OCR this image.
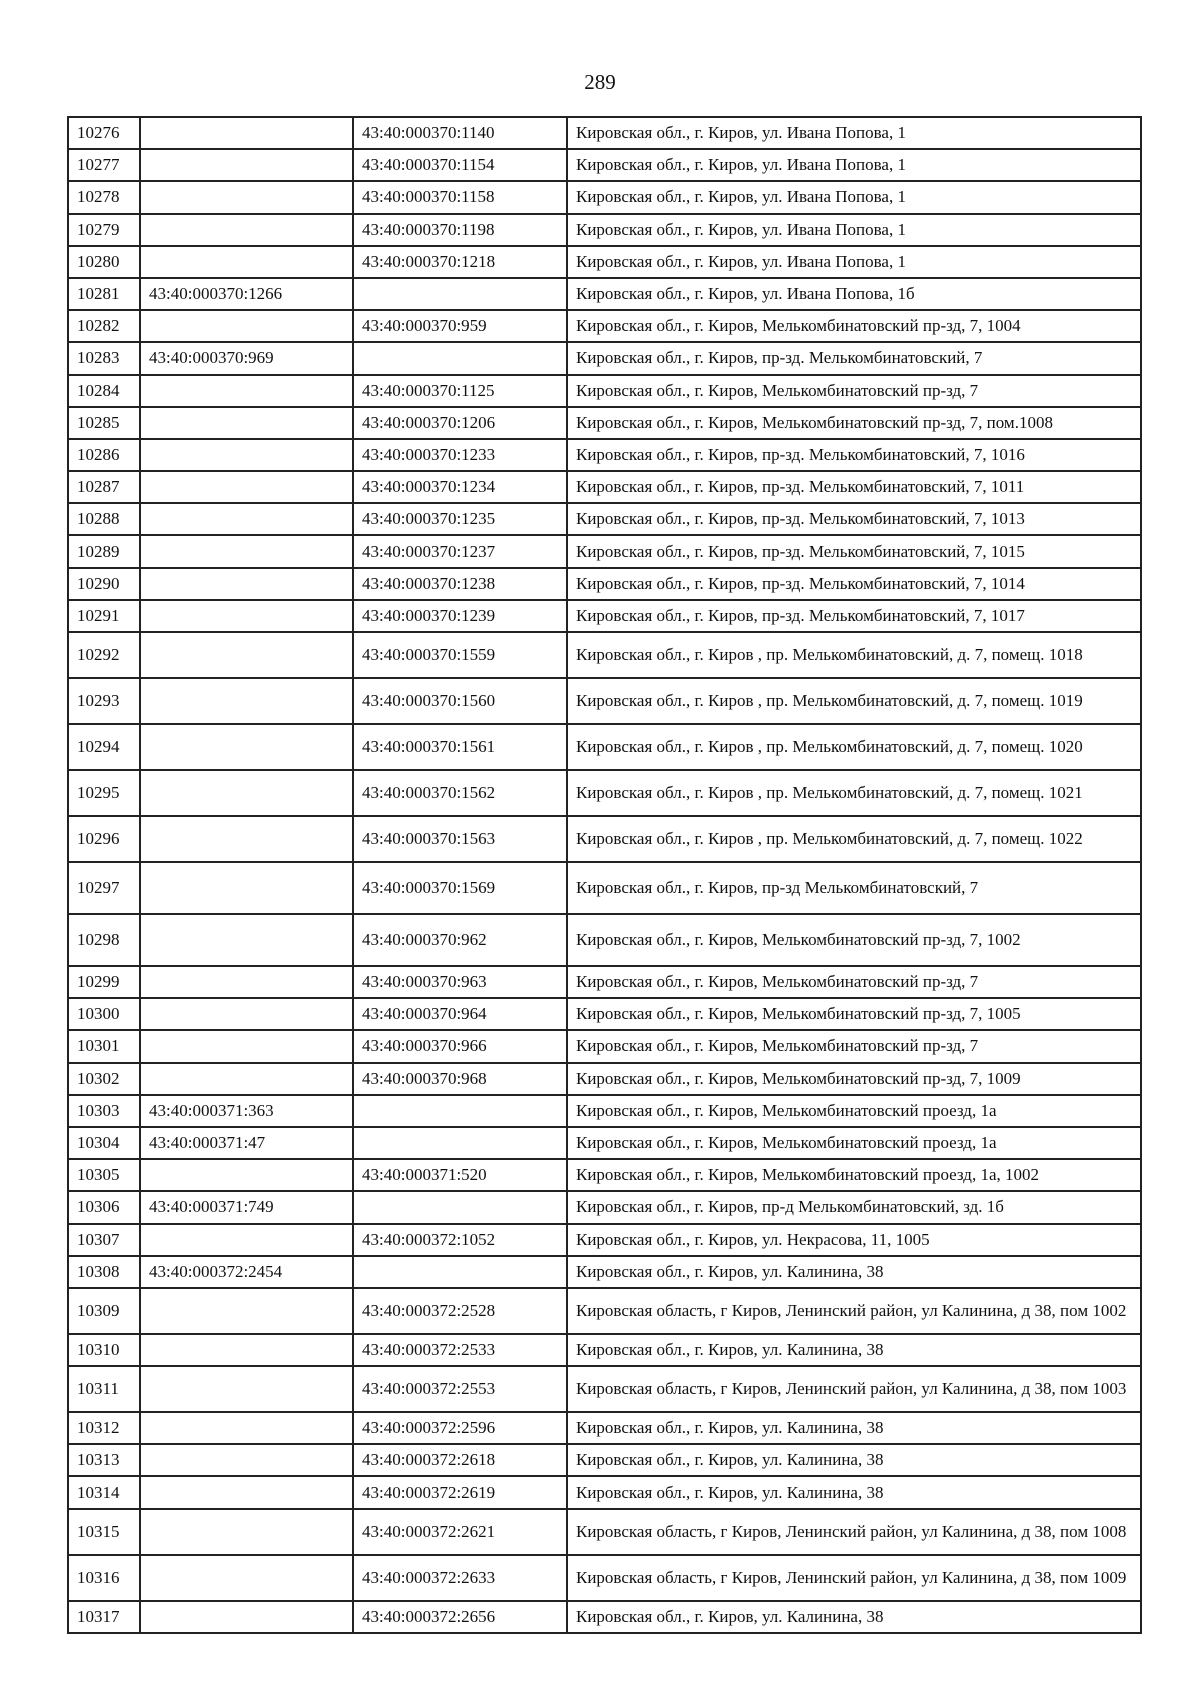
289
10276		43:40:000370:1140	Кировская обл., г. Киров, ул. Ивана Попова, 1
10277		43:40:000370:1154	Кировская обл., г. Киров, ул. Ивана Попова, 1
10278		43:40:000370:1158	Кировская обл., г. Киров, ул. Ивана Попова, 1
10279		43:40:000370:1198	Кировская обл., г. Киров, ул. Ивана Попова, 1
10280		43:40:000370:1218	Кировская обл., г. Киров, ул. Ивана Попова, 1
10281	43:40:000370:1266		Кировская обл., г. Киров, ул. Ивана Попова, 1б
10282		43:40:000370:959	Кировская обл., г. Киров, Мелькомбинатовский пр-зд, 7, 1004
10283	43:40:000370:969		Кировская обл., г. Киров, пр-зд. Мелькомбинатовский, 7
10284		43:40:000370:1125	Кировская обл., г. Киров, Мелькомбинатовский пр-зд, 7
10285		43:40:000370:1206	Кировская обл., г. Киров, Мелькомбинатовский пр-зд, 7, пом.1008
10286		43:40:000370:1233	Кировская обл., г. Киров, пр-зд. Мелькомбинатовский, 7, 1016
10287		43:40:000370:1234	Кировская обл., г. Киров, пр-зд. Мелькомбинатовский, 7, 1011
10288		43:40:000370:1235	Кировская обл., г. Киров, пр-зд. Мелькомбинатовский, 7, 1013
10289		43:40:000370:1237	Кировская обл., г. Киров, пр-зд. Мелькомбинатовский, 7, 1015
10290		43:40:000370:1238	Кировская обл., г. Киров, пр-зд. Мелькомбинатовский, 7, 1014
10291		43:40:000370:1239	Кировская обл., г. Киров, пр-зд. Мелькомбинатовский, 7, 1017
10292		43:40:000370:1559	Кировская обл., г. Киров , пр. Мелькомбинатовский, д. 7, помещ. 1018
10293		43:40:000370:1560	Кировская обл., г. Киров , пр. Мелькомбинатовский, д. 7, помещ. 1019
10294		43:40:000370:1561	Кировская обл., г. Киров , пр. Мелькомбинатовский, д. 7, помещ. 1020
10295		43:40:000370:1562	Кировская обл., г. Киров , пр. Мелькомбинатовский, д. 7, помещ. 1021
10296		43:40:000370:1563	Кировская обл., г. Киров , пр. Мелькомбинатовский, д. 7, помещ. 1022
10297		43:40:000370:1569	Кировская обл., г. Киров, пр-зд Мелькомбинатовский, 7
10298		43:40:000370:962	Кировская обл., г. Киров, Мелькомбинатовский пр-зд, 7, 1002
10299		43:40:000370:963	Кировская обл., г. Киров, Мелькомбинатовский пр-зд, 7
10300		43:40:000370:964	Кировская обл., г. Киров, Мелькомбинатовский пр-зд, 7, 1005
10301		43:40:000370:966	Кировская обл., г. Киров, Мелькомбинатовский пр-зд, 7
10302		43:40:000370:968	Кировская обл., г. Киров, Мелькомбинатовский пр-зд, 7, 1009
10303	43:40:000371:363		Кировская обл., г. Киров, Мелькомбинатовский проезд, 1а
10304	43:40:000371:47		Кировская обл., г. Киров, Мелькомбинатовский проезд, 1а
10305		43:40:000371:520	Кировская обл., г. Киров, Мелькомбинатовский проезд, 1а, 1002
10306	43:40:000371:749		Кировская обл., г. Киров, пр-д Мелькомбинатовский, зд. 1б
10307		43:40:000372:1052	Кировская обл., г. Киров, ул. Некрасова, 11, 1005
10308	43:40:000372:2454		Кировская обл., г. Киров, ул. Калинина, 38
10309		43:40:000372:2528	Кировская область, г Киров, Ленинский район, ул Калинина, д 38, пом 1002
10310		43:40:000372:2533	Кировская обл., г. Киров, ул. Калинина, 38
10311		43:40:000372:2553	Кировская область, г Киров, Ленинский район, ул Калинина, д 38, пом 1003
10312		43:40:000372:2596	Кировская обл., г. Киров, ул. Калинина, 38
10313		43:40:000372:2618	Кировская обл., г. Киров, ул. Калинина, 38
10314		43:40:000372:2619	Кировская обл., г. Киров, ул. Калинина, 38
10315		43:40:000372:2621	Кировская область, г Киров, Ленинский район, ул Калинина, д 38, пом 1008
10316		43:40:000372:2633	Кировская область, г Киров, Ленинский район, ул Калинина, д 38, пом 1009
10317		43:40:000372:2656	Кировская обл., г. Киров, ул. Калинина, 38
